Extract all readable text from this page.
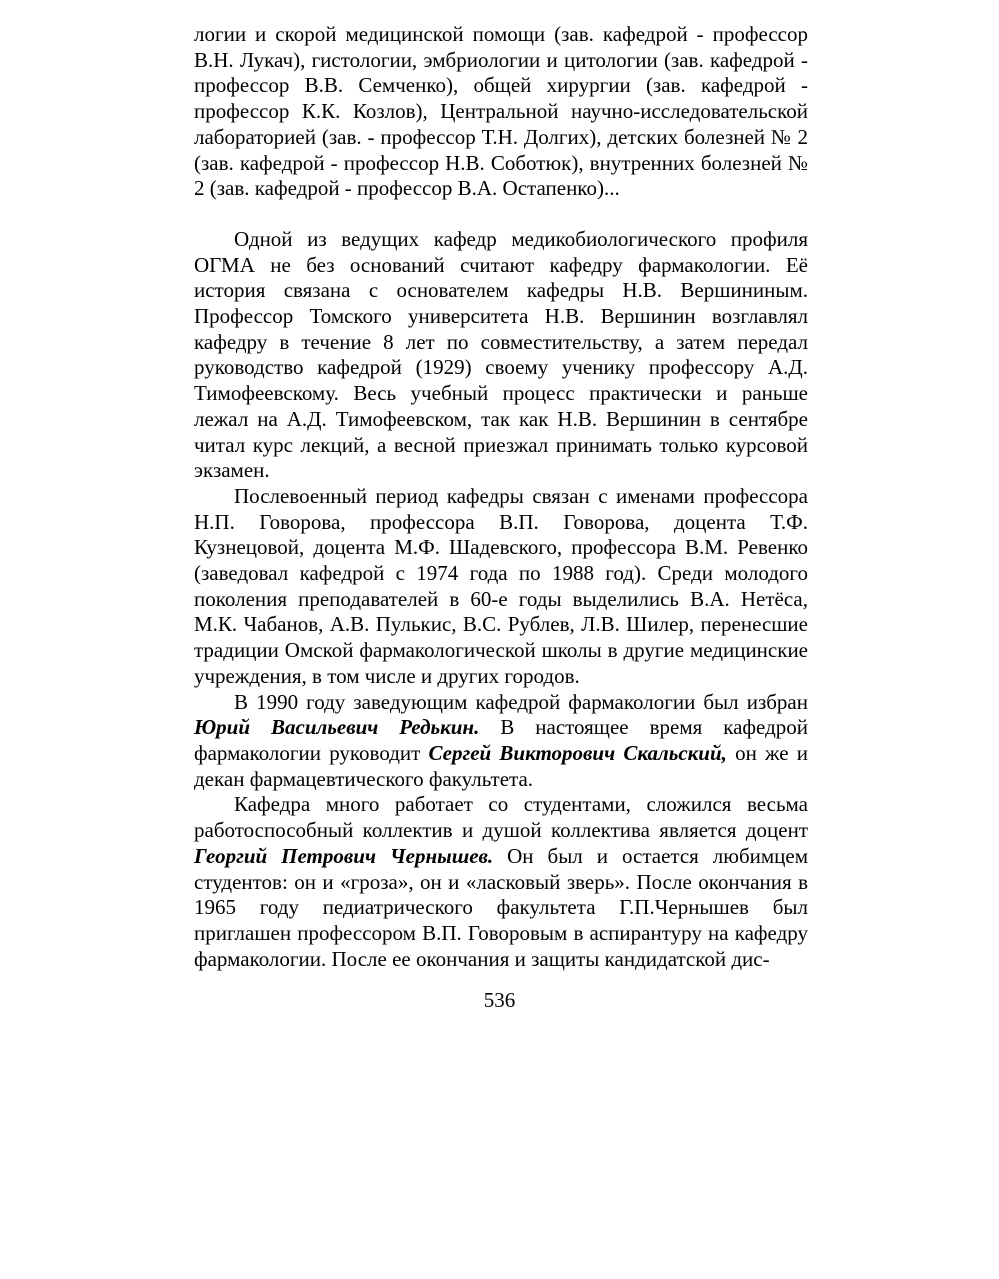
логии и скорой медицинской помощи (зав. кафедрой - профессор В.Н. Лукач), гистологии, эмбриологии и цитологии (зав. кафедрой - профессор В.В. Семченко), общей хирургии (зав. кафедрой - профессор К.К. Козлов), Центральной научно-исследовательской лабораторией (зав. - профессор Т.Н. Долгих), детских болезней № 2 (зав. кафедрой - профессор Н.В. Соботюк), внутренних болезней № 2 (зав. кафедрой - профессор В.А. Остапенко)...

Одной из ведущих кафедр медикобиологического профиля ОГМА не без оснований считают кафедру фармакологии. Её история связана с основателем кафедры Н.В. Вершининым. Профессор Томского университета Н.В. Вершинин возглавлял кафедру в течение 8 лет по совместительству, а затем передал руководство кафедрой (1929) своему ученику профессору А.Д. Тимофеевскому. Весь учебный процесс практически и раньше лежал на А.Д. Тимофеевском, так как Н.В. Вершинин в сентябре читал курс лекций, а весной приезжал принимать только курсовой экзамен.

Послевоенный период кафедры связан с именами профессора Н.П. Говорова, профессора В.П. Говорова, доцента Т.Ф. Кузнецовой, доцента М.Ф. Шадевского, профессора В.М. Ревенко (заведовал кафедрой с 1974 года по 1988 год). Среди молодого поколения преподавателей в 60-е годы выделились В.А. Нетёса, М.К. Чабанов, А.В. Пулькис, В.С. Рублев, Л.В. Шилер, перенесшие традиции Омской фармакологической школы в другие медицинские учреждения, в том числе и других городов.

В 1990 году заведующим кафедрой фармакологии был избран Юрий Васильевич Редькин. В настоящее время кафедрой фармакологии руководит Сергей Викторович Скальский, он же и декан фармацевтического факультета.

Кафедра много работает со студентами, сложился весьма работоспособный коллектив и душой коллектива является доцент Георгий Петрович Чернышев. Он был и остается любимцем студентов: он и «гроза», он и «ласковый зверь». После окончания в 1965 году педиатрического факультета Г.П.Чернышев был приглашен профессором В.П. Говоровым в аспирантуру на кафедру фармакологии. После ее окончания и защиты кандидатской дис-

536
